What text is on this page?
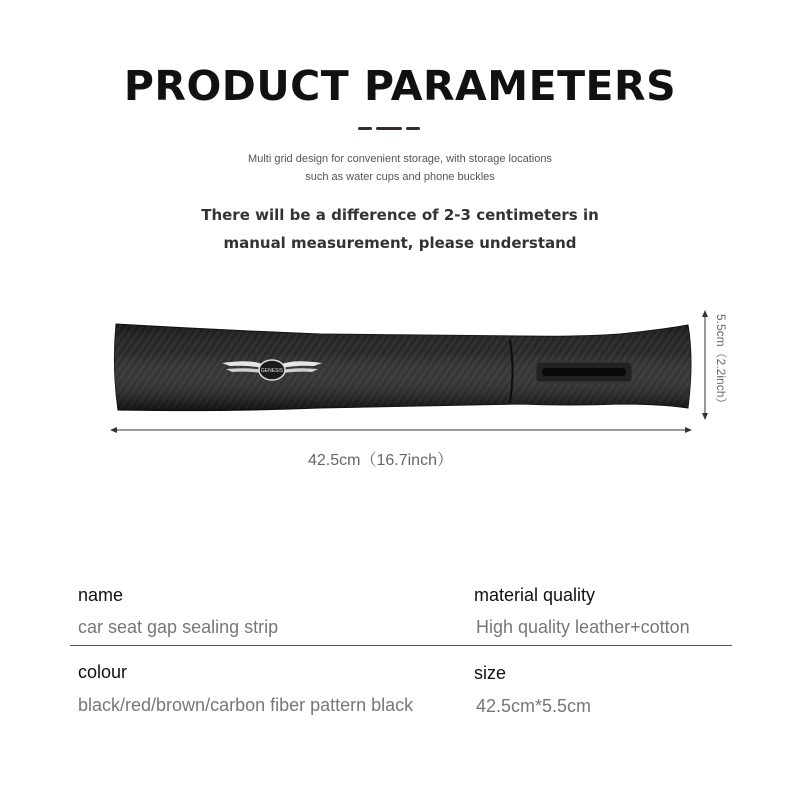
PRODUCT PARAMETERS
Multi grid design for convenient storage, with storage locations
such as water cups and phone buckles
There will be a difference of 2-3 centimeters in
manual measurement, please understand
GENESIS
42.5cm（16.7inch）
5.5cm（2.2inch）
name
car seat gap sealing strip
material quality
High quality leather+cotton
colour
black/red/brown/carbon fiber pattern black
size
42.5cm*5.5cm
